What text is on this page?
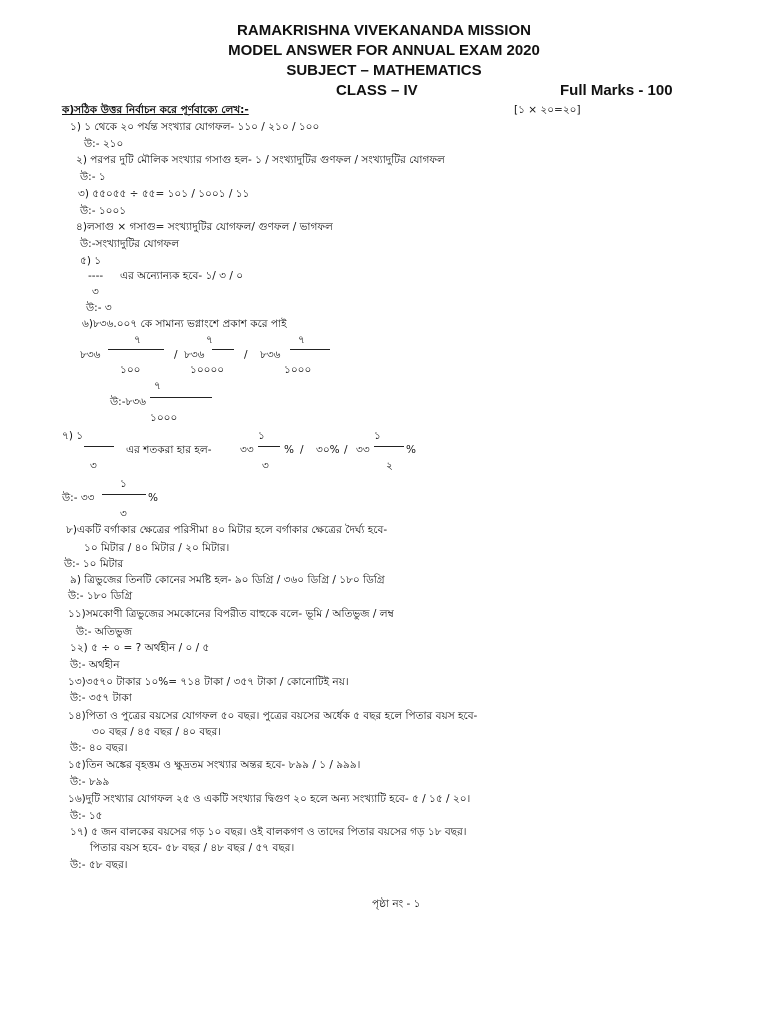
RAMAKRISHNA VIVEKANANDA MISSION
MODEL ANSWER FOR ANNUAL EXAM 2020
SUBJECT – MATHEMATICS
CLASS – IV	Full Marks - 100
ক)সঠিক উত্তর নির্বাচন করে পূর্ণবাক্যে লেখ:-	[১ × ২০=২০]
১) ১ থেকে ২০ পর্যন্ত সংখ্যার যোগফল- ১১০ / ২১০ / ১০০
উ:- ২১০
২) পরপর দুটি মৌলিক সংখ্যার গসাগু হল- ১ / সংখ্যাদুটির গুণফল / সংখ্যাদুটির যোগফল
উ:- ১
৩) ৫৫০৫৫ ÷ ৫৫= ১০১ / ১০০১ / ১১
উ:- ১০০১
৪)লসাগু × গসাগু= সংখ্যাদুটির যোগফল/ গুণফল / ভাগফল
উ:-সংখ্যাদুটির যোগফল
৫) ১
---- এর অন্যোন্যক হবে- ১/ ৩ / ০
৩
উ:- ৩
৬)৮৩৬.০০৭ কে সামান্য ভগ্নাংশে প্রকাশ করে পাই
৭	৭	৭
৮৩৬	/ ৮৩৬	/ ৮৩৬
১০০	১০০০০	১০০০
৭
উ:-৮৩৬
১০০০
৭) ১
এর শতকরা হার হল-
১
৩৩	% / ৩০% /
১
৩৩	%
৩	৩	২
১
উ:- ৩৩	%
৩
৮)একটি বর্গাকার ক্ষেত্রের পরিসীমা ৪০ মিটার হলে বর্গাকার ক্ষেত্রের দৈর্ঘ্য হবে-
১০ মিটার / ৪০ মিটার / ২০ মিটার।
উ:- ১০ মিটার
৯) ত্রিভুজের তিনটি কোনের সমষ্টি হল- ৯০ ডিগ্রি / ৩৬০ ডিগ্রি / ১৮০ ডিগ্রি
উ:- ১৮০ ডিগ্রি
১১)সমকোণী ত্রিভুজের সমকোনের বিপরীত বাহুকে বলে- ভূমি / অতিভুজ / লম্ব
উ:- অতিভুজ
১২) ৫ ÷ ০ = ? অর্থহীন / ০ / ৫
উ:- অর্থহীন
১৩)৩৫৭০ টাকার ১০%= ৭১৪ টাকা / ৩৫৭ টাকা / কোনোটিই নয়।
উ:- ৩৫৭ টাকা
১৪)পিতা ও পুত্রের বয়সের যোগফল ৫০ বছর। পুত্রের বয়সের অর্ধেক ৫ বছর হলে পিতার বয়স হবে-
৩০ বছর / ৪৫ বছর / ৪০ বছর।
উ:- ৪০ বছর।
১৫)তিন অঙ্কের বৃহত্তম ও ক্ষুদ্রতম সংখ্যার অন্তর হবে- ৮৯৯ / ১ / ৯৯৯।
উ:- ৮৯৯
১৬)দুটি সংখ্যার যোগফল ২৫ ও একটি সংখ্যার দ্বিগুণ ২০ হলে অন্য সংখ্যাটি হবে- ৫ / ১৫ / ২০।
উ:- ১৫
১৭) ৫ জন বালকের বয়সের গড় ১০ বছর। ওই বালকগণ ও তাদের পিতার বয়সের গড় ১৮ বছর।
পিতার বয়স হবে- ৫৮ বছর / ৪৮ বছর / ৫৭ বছর।
উ:- ৫৮ বছর।
পৃষ্ঠা নং - ১
